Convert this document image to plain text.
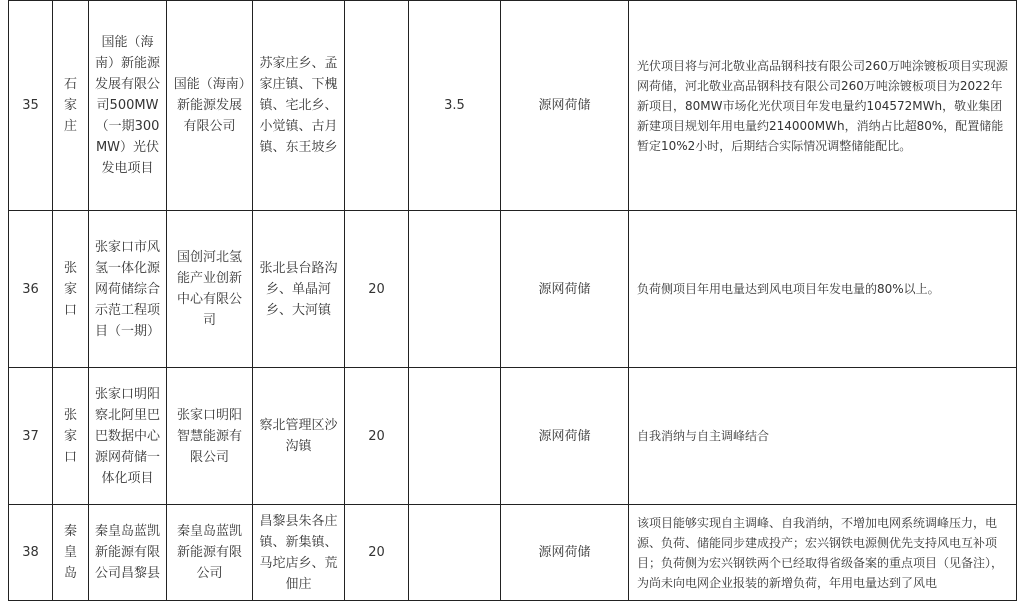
35	石家庄	国能（海南）新能源发展有限公司500MW（一期300MW）光伏发电项目	国能（海南）新能源发展有限公司	苏家庄乡、孟家庄镇、下槐镇、宅北乡、小觉镇、古月镇、东王坡乡		3.5	源网荷储	光伏项目将与河北敬业高品钢科技有限公司260万吨涂镀板项目实现源网荷储，河北敬业高品钢科技有限公司260万吨涂镀板项目为2022年新项目，80MW市场化光伏项目年发电量约104572MWh，敬业集团新建项目规划年用电量约214000MWh，消纳占比超80%，配置储能暂定10%2小时，后期结合实际情况调整储能配比。
36	张家口	张家口市风氢一体化源网荷储综合示范工程项目（一期）	国创河北氢能产业创新中心有限公司	张北县台路沟乡、单晶河乡、大河镇	20		源网荷储	负荷侧项目年用电量达到风电项目年发电量的80%以上。
37	张家口	张家口明阳察北阿里巴巴数据中心源网荷储一体化项目	张家口明阳智慧能源有限公司	察北管理区沙沟镇	20		源网荷储	自我消纳与自主调峰结合
38	秦皇岛	秦皇岛蓝凯新能源有限公司昌黎县	秦皇岛蓝凯新能源有限公司	昌黎县朱各庄镇、新集镇、马坨店乡、荒佃庄	20		源网荷储	该项目能够实现自主调峰、自我消纳，不增加电网系统调峰压力，电源、负荷、储能同步建成投产；宏兴钢铁电源侧优先支持风电互补项目；负荷侧为宏兴钢铁两个已经取得省级备案的重点项目（见备注），为尚未向电网企业报装的新增负荷，年用电量达到了风电
